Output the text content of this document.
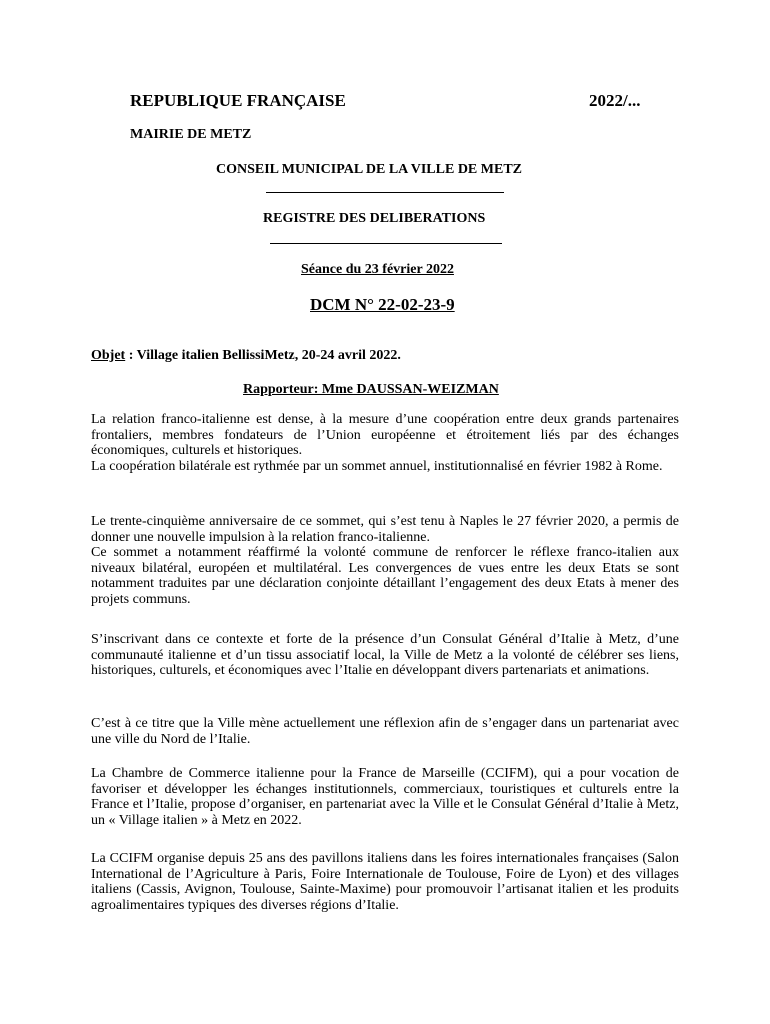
REPUBLIQUE FRANÇAISE	2022/...
MAIRIE DE METZ
CONSEIL MUNICIPAL DE LA VILLE DE METZ
REGISTRE DES DELIBERATIONS
Séance du 23 février 2022
DCM N° 22-02-23-9
Objet : Village italien BellissiMetz, 20-24 avril 2022.
Rapporteur: Mme DAUSSAN-WEIZMAN

La relation franco-italienne est dense, à la mesure d’une coopération entre deux grands partenaires frontaliers, membres fondateurs de l’Union européenne et étroitement liés par des échanges économiques, culturels et historiques.

La coopération bilatérale est rythmée par un sommet annuel, institutionnalisé en février 1982 à Rome.

Le trente-cinquième anniversaire de ce sommet, qui s’est tenu à Naples le 27 février 2020, a permis de donner une nouvelle impulsion à la relation franco-italienne.

Ce sommet a notamment réaffirmé la volonté commune de renforcer le réflexe franco-italien aux niveaux bilatéral, européen et multilatéral. Les convergences de vues entre les deux Etats se sont notamment traduites par une déclaration conjointe détaillant l’engagement des deux Etats à mener des projets communs.

S’inscrivant dans ce contexte et forte de la présence d’un Consulat Général d’Italie à Metz, d’une communauté italienne et d’un tissu associatif local, la Ville de Metz a la volonté de célébrer ses liens, historiques, culturels, et économiques avec l’Italie en développant divers partenariats et animations.

C’est à ce titre que la Ville mène actuellement une réflexion afin de s’engager dans un partenariat avec une ville du Nord de l’Italie.

La Chambre de Commerce italienne pour la France de Marseille (CCIFM), qui a pour vocation de favoriser et développer les échanges institutionnels, commerciaux, touristiques et culturels entre la France et l’Italie, propose d’organiser, en partenariat avec la Ville et le Consulat Général d’Italie à Metz, un « Village italien » à Metz en 2022.

La CCIFM organise depuis 25 ans des pavillons italiens dans les foires internationales françaises (Salon International de l’Agriculture à Paris, Foire Internationale de Toulouse, Foire de Lyon) et des villages italiens (Cassis, Avignon, Toulouse, Sainte-Maxime) pour promouvoir l’artisanat italien et les produits agroalimentaires typiques des diverses régions d’Italie.
